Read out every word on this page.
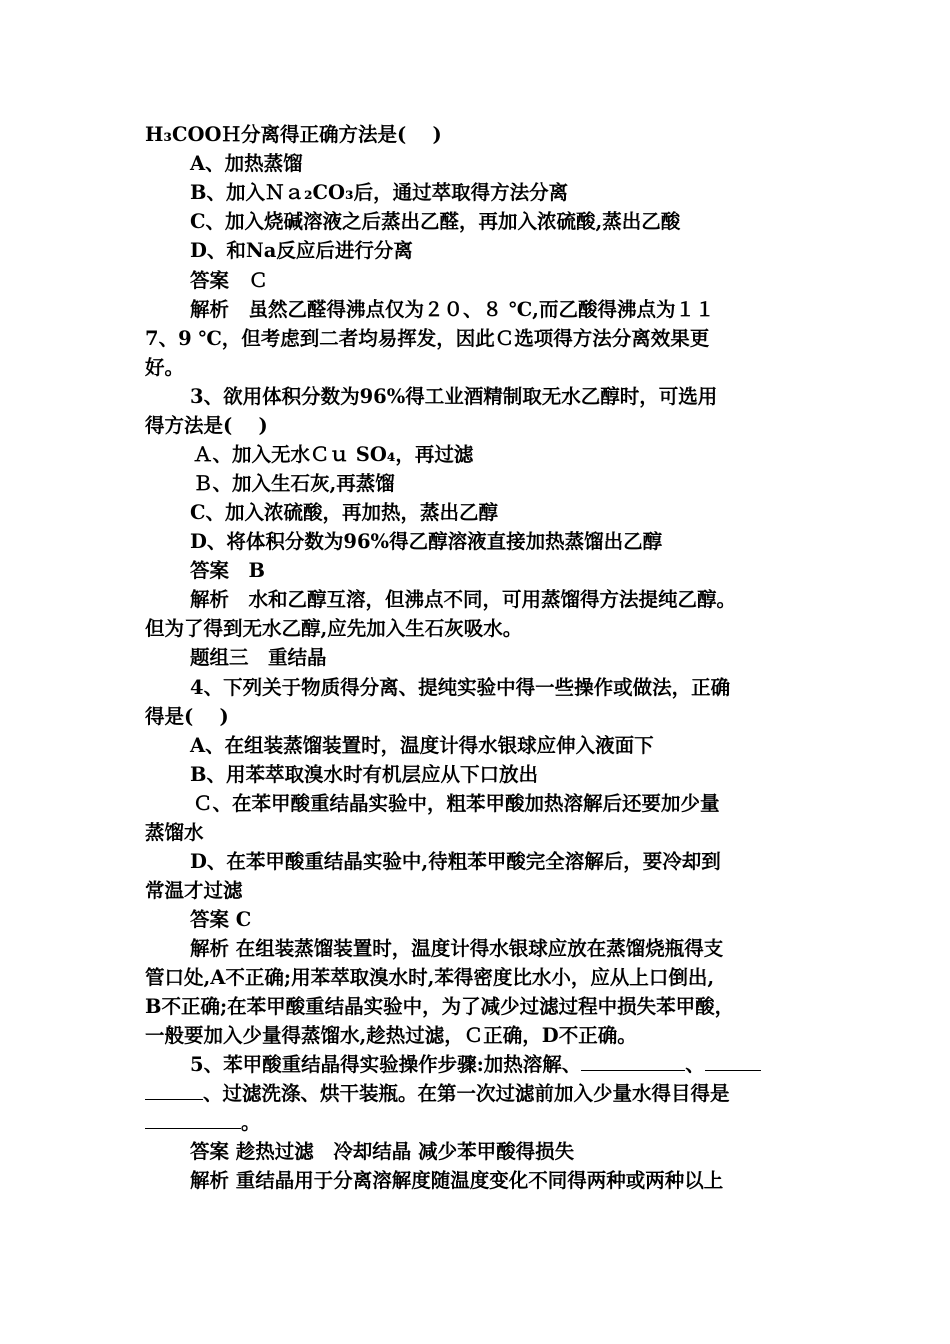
H₃COOＨ分离得正确方法是(　 )
A、加热蒸馏
B、加入Ｎａ₂CO₃后，通过萃取得方法分离
C、加入烧碱溶液之后蒸出乙醛，再加入浓硫酸,蒸出乙酸
D、和Na反应后进行分离
答案　Ｃ
解析　虽然乙醛得沸点仅为２０、８ ℃,而乙酸得沸点为１１
7、9 ℃，但考虑到二者均易挥发，因此Ｃ选项得方法分离效果更
好。
3、欲用体积分数为96%得工业酒精制取无水乙醇时，可选用
得方法是(　 )
Ａ、加入无水Ｃｕ SO₄，再过滤
Ｂ、加入生石灰,再蒸馏
C、加入浓硫酸，再加热，蒸出乙醇
D、将体积分数为96%得乙醇溶液直接加热蒸馏出乙醇
答案　B
解析　水和乙醇互溶，但沸点不同，可用蒸馏得方法提纯乙醇。
但为了得到无水乙醇,应先加入生石灰吸水。
题组三　重结晶
4、下列关于物质得分离、提纯实验中得一些操作或做法，正确
得是(　 )
A、在组装蒸馏装置时，温度计得水银球应伸入液面下
B、用苯萃取溴水时有机层应从下口放出
Ｃ、在苯甲酸重结晶实验中，粗苯甲酸加热溶解后还要加少量
蒸馏水
D、在苯甲酸重结晶实验中,待粗苯甲酸完全溶解后，要冷却到
常温才过滤
答案 C
解析 在组装蒸馏装置时，温度计得水银球应放在蒸馏烧瓶得支
管口处,A不正确;用苯萃取溴水时,苯得密度比水小，应从上口倒出,
B不正确;在苯甲酸重结晶实验中，为了减少过滤过程中损失苯甲酸，
一般要加入少量得蒸馏水,趁热过滤，Ｃ正确，D不正确。
5、苯甲酸重结晶得实验操作步骤:加热溶解、	、
、过滤洗涤、烘干装瓶。在第一次过滤前加入少量水得目得是
。
答案 趁热过滤　冷却结晶 减少苯甲酸得损失
解析 重结晶用于分离溶解度随温度变化不同得两种或两种以上
